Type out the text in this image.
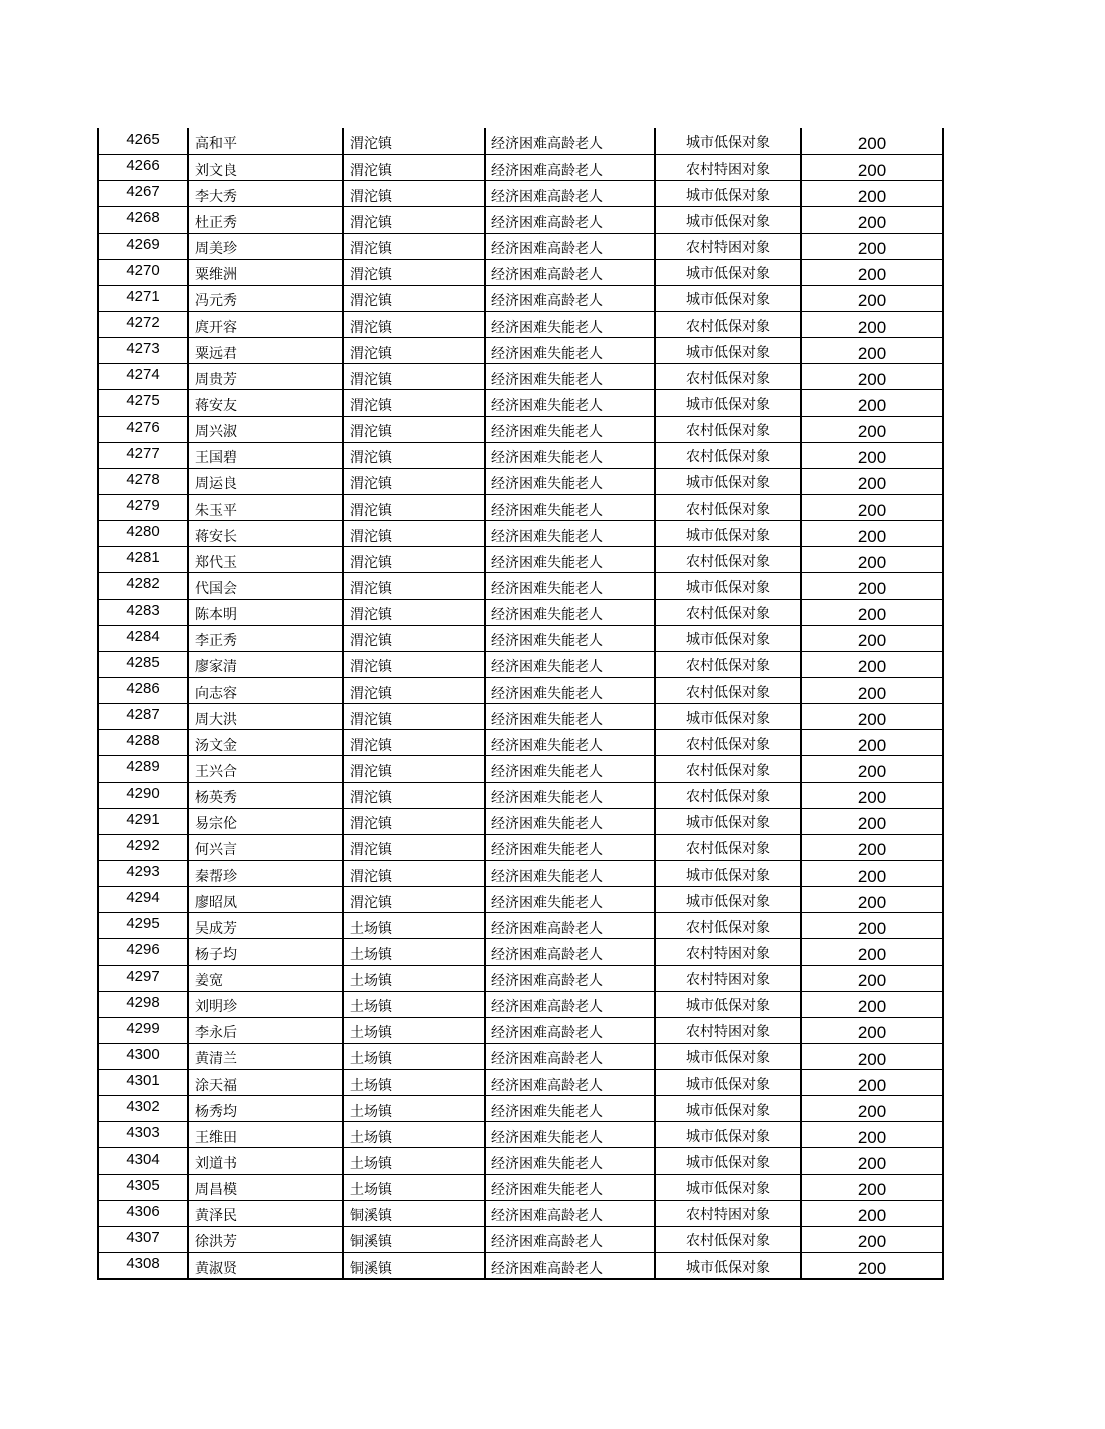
4265	高和平	渭沱镇	经济困难高龄老人	城市低保对象	200
4266	刘文良	渭沱镇	经济困难高龄老人	农村特困对象	200
4267	李大秀	渭沱镇	经济困难高龄老人	城市低保对象	200
4268	杜正秀	渭沱镇	经济困难高龄老人	城市低保对象	200
4269	周美珍	渭沱镇	经济困难高龄老人	农村特困对象	200
4270	粟维洲	渭沱镇	经济困难高龄老人	城市低保对象	200
4271	冯元秀	渭沱镇	经济困难高龄老人	城市低保对象	200
4272	庹开容	渭沱镇	经济困难失能老人	农村低保对象	200
4273	粟远君	渭沱镇	经济困难失能老人	城市低保对象	200
4274	周贵芳	渭沱镇	经济困难失能老人	农村低保对象	200
4275	蒋安友	渭沱镇	经济困难失能老人	城市低保对象	200
4276	周兴淑	渭沱镇	经济困难失能老人	农村低保对象	200
4277	王国碧	渭沱镇	经济困难失能老人	农村低保对象	200
4278	周运良	渭沱镇	经济困难失能老人	城市低保对象	200
4279	朱玉平	渭沱镇	经济困难失能老人	农村低保对象	200
4280	蒋安长	渭沱镇	经济困难失能老人	城市低保对象	200
4281	郑代玉	渭沱镇	经济困难失能老人	农村低保对象	200
4282	代国会	渭沱镇	经济困难失能老人	城市低保对象	200
4283	陈本明	渭沱镇	经济困难失能老人	农村低保对象	200
4284	李正秀	渭沱镇	经济困难失能老人	城市低保对象	200
4285	廖家清	渭沱镇	经济困难失能老人	农村低保对象	200
4286	向志容	渭沱镇	经济困难失能老人	农村低保对象	200
4287	周大洪	渭沱镇	经济困难失能老人	城市低保对象	200
4288	汤文金	渭沱镇	经济困难失能老人	农村低保对象	200
4289	王兴合	渭沱镇	经济困难失能老人	农村低保对象	200
4290	杨英秀	渭沱镇	经济困难失能老人	农村低保对象	200
4291	易宗伦	渭沱镇	经济困难失能老人	城市低保对象	200
4292	何兴言	渭沱镇	经济困难失能老人	农村低保对象	200
4293	秦帮珍	渭沱镇	经济困难失能老人	城市低保对象	200
4294	廖昭凤	渭沱镇	经济困难失能老人	城市低保对象	200
4295	吴成芳	土场镇	经济困难高龄老人	农村低保对象	200
4296	杨子均	土场镇	经济困难高龄老人	农村特困对象	200
4297	姜宽	土场镇	经济困难高龄老人	农村特困对象	200
4298	刘明珍	土场镇	经济困难高龄老人	城市低保对象	200
4299	李永后	土场镇	经济困难高龄老人	农村特困对象	200
4300	黄清兰	土场镇	经济困难高龄老人	城市低保对象	200
4301	涂天福	土场镇	经济困难高龄老人	城市低保对象	200
4302	杨秀均	土场镇	经济困难失能老人	城市低保对象	200
4303	王维田	土场镇	经济困难失能老人	城市低保对象	200
4304	刘道书	土场镇	经济困难失能老人	城市低保对象	200
4305	周昌模	土场镇	经济困难失能老人	城市低保对象	200
4306	黄泽民	铜溪镇	经济困难高龄老人	农村特困对象	200
4307	徐洪芳	铜溪镇	经济困难高龄老人	农村低保对象	200
4308	黄淑贤	铜溪镇	经济困难高龄老人	城市低保对象	200
